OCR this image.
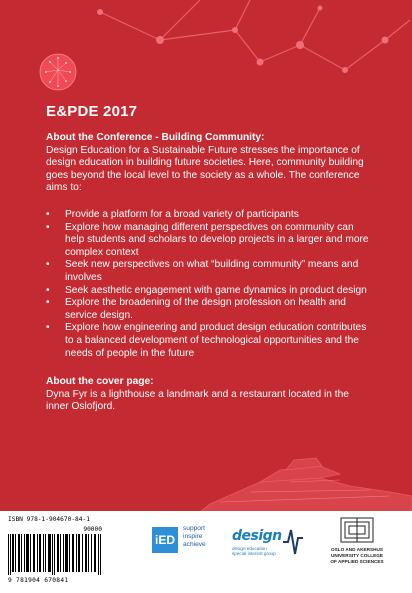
E&PDE 2017
About the Conference - Building Community:

Design Education for a Sustainable Future stresses the importance of design education in building future societies. Here, community building goes beyond the local level to the society as a whole. The conference aims to:

• Provide a platform for a broad variety of participants
• Explore how managing different perspectives on community can help students and scholars to develop projects in a larger and more complex context
• Seek new perspectives on what “building community” means and involves
• Seek aesthetic engagement with game dynamics in product design
• Explore the broadening of the design profession on health and service design.
• Explore how engineering and product design education contributes to a balanced development of technological opportunities and the needs of people in the future
About the cover page:

Dyna Fyr is a lighthouse a landmark and a restaurant located in the inner Oslofjord.

ISBN 978-1-904670-84-1
90000
9 781904 670841
iED
support
inspire
achieve
design
design education
special interest group
OSLO AND AKERSHUS
UNIVERSITY COLLEGE
OF APPLIED SCIENCES
